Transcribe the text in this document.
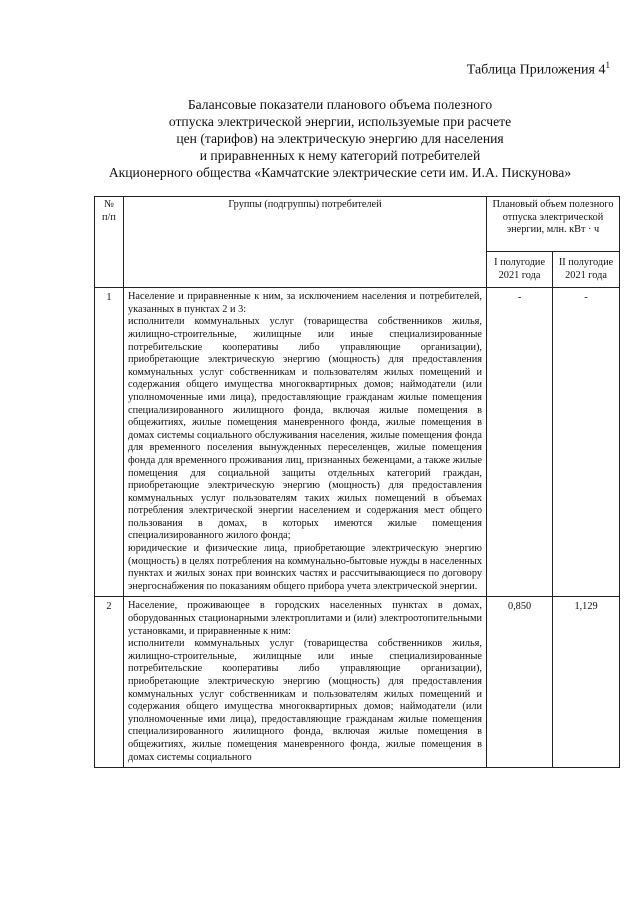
Таблица Приложения $4^1$
Балансовые показатели планового объема полезного
отпуска электрической энергии, используемые при расчете
цен (тарифов) на электрическую энергию для населения
и приравненных к нему категорий потребителей
Акционерного общества «Камчатские электрические сети им. И.А. Пискунова»
№ п/п	Группы (подгруппы) потребителей	Плановый объем полезного отпуска электрической энергии, млн. кВт · ч	
		I полугодие 2021 года	II полугодие 2021 года
1	Население и приравненные к ним, за исключением населения и потребителей, указанных в пунктах 2 и 3:

исполнители коммунальных услуг (товарищества собственников жилья, жилищно-строительные, жилищные или иные специализированные потребительские кооперативы либо управляющие организации), приобретающие электрическую энергию (мощность) для предоставления коммунальных услуг собственникам и пользователям жилых помещений и содержания общего имущества многоквартирных домов; наймодатели (или уполномоченные ими лица), предоставляющие гражданам жилые помещения специализированного жилищного фонда, включая жилые помещения в общежитиях, жилые помещения маневренного фонда, жилые помещения в домах системы социального обслуживания населения, жилые помещения фонда для временного поселения вынужденных переселенцев, жилые помещения фонда для временного проживания лиц, признанных беженцами, а также жилые помещения для социальной защиты отдельных категорий граждан, приобретающие электрическую энергию (мощность) для предоставления коммунальных услуг пользователям таких жилых помещений в объемах потребления электрической энергии населением и содержания мест общего пользования в домах, в которых имеются жилые помещения специализированного жилого фонда;

юридические и физические лица, приобретающие электрическую энергию (мощность) в целях потребления на коммунально-бытовые нужды в населенных пунктах и жилых зонах при воинских частях и рассчитывающиеся по договору энергоснабжения по показаниям общего прибора учета электрической энергии.	-	-
2	Население, проживающее в городских населенных пунктах в домах, оборудованных стационарными электроплитами и (или) электроотопительными установками, и приравненные к ним:

исполнители коммунальных услуг (товарищества собственников жилья, жилищно-строительные, жилищные или иные специализированные потребительские кооперативы либо управляющие организации), приобретающие электрическую энергию (мощность) для предоставления коммунальных услуг собственникам и пользователям жилых помещений и содержания общего имущества многоквартирных домов; наймодатели (или уполномоченные ими лица), предоставляющие гражданам жилые помещения специализированного жилищного фонда, включая жилые помещения в общежитиях, жилые помещения маневренного фонда, жилые помещения в домах системы социального	0,850	1,129
